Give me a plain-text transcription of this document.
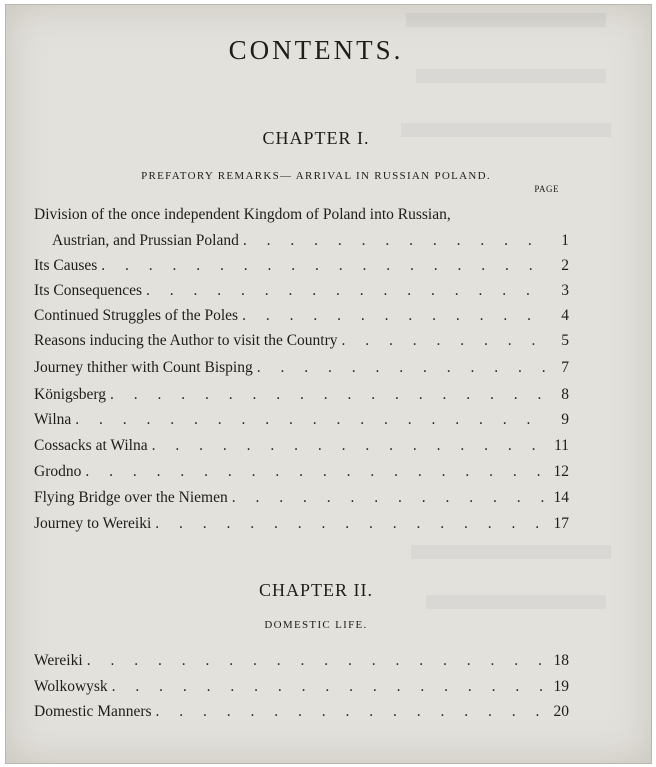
CONTENTS.
CHAPTER I.
PREFATORY REMARKS— ARRIVAL IN RUSSIAN POLAND.
PAGE
Division of the once independent Kingdom of Poland into Russian,
Austrian, and Prussian Poland . . .	1
Its Causes . . .	2
Its Consequences . . .	3
Continued Struggles of the Poles . . .	4
Reasons inducing the Author to visit the Country . . .	5
Journey thither with Count Bisping . . .	7
Königsberg . . .	8
Wilna . . .	9
Cossacks at Wilna . . .	11
Grodno . . .	12
Flying Bridge over the Niemen . . .	14
Journey to Wereiki . . .	17
CHAPTER II.
DOMESTIC LIFE.
Wereiki . . .	18
Wolkowysk . . .	19
Domestic Manners . . .	20
